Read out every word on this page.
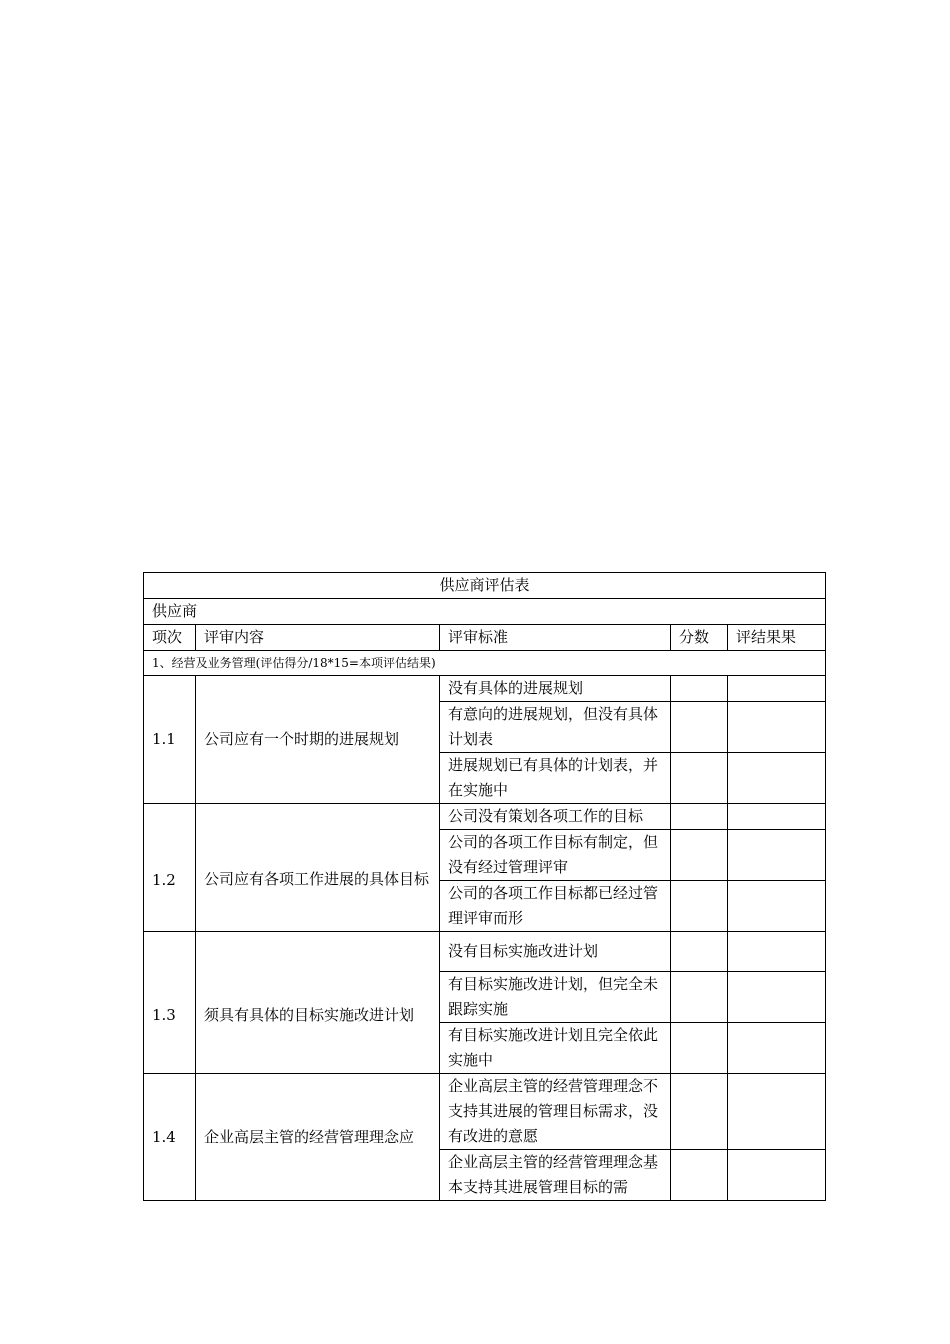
供应商评估表				
供应商				
项次	评审内容	评审标准	分数	评结果果
1、经营及业务管理(评估得分/18*15=本项评估结果)				
1.1	公司应有一个时期的进展规划	没有具体的进展规划		
		有意向的进展规划，但没有具体计划表		
		进展规划已有具体的计划表，并在实施中		
1.2	公司应有各项工作进展的具体目标	公司没有策划各项工作的目标		
		公司的各项工作目标有制定，但没有经过管理评审		
		公司的各项工作目标都已经过管理评审而形		
1.3	须具有具体的目标实施改进计划	没有目标实施改进计划		
		有目标实施改进计划，但完全未跟踪实施		
		有目标实施改进计划且完全依此实施中		
1.4	企业高层主管的经营管理理念应	企业高层主管的经营管理理念不支持其进展的管理目标需求，没有改进的意愿		
		企业高层主管的经营管理理念基本支持其进展管理目标的需		
